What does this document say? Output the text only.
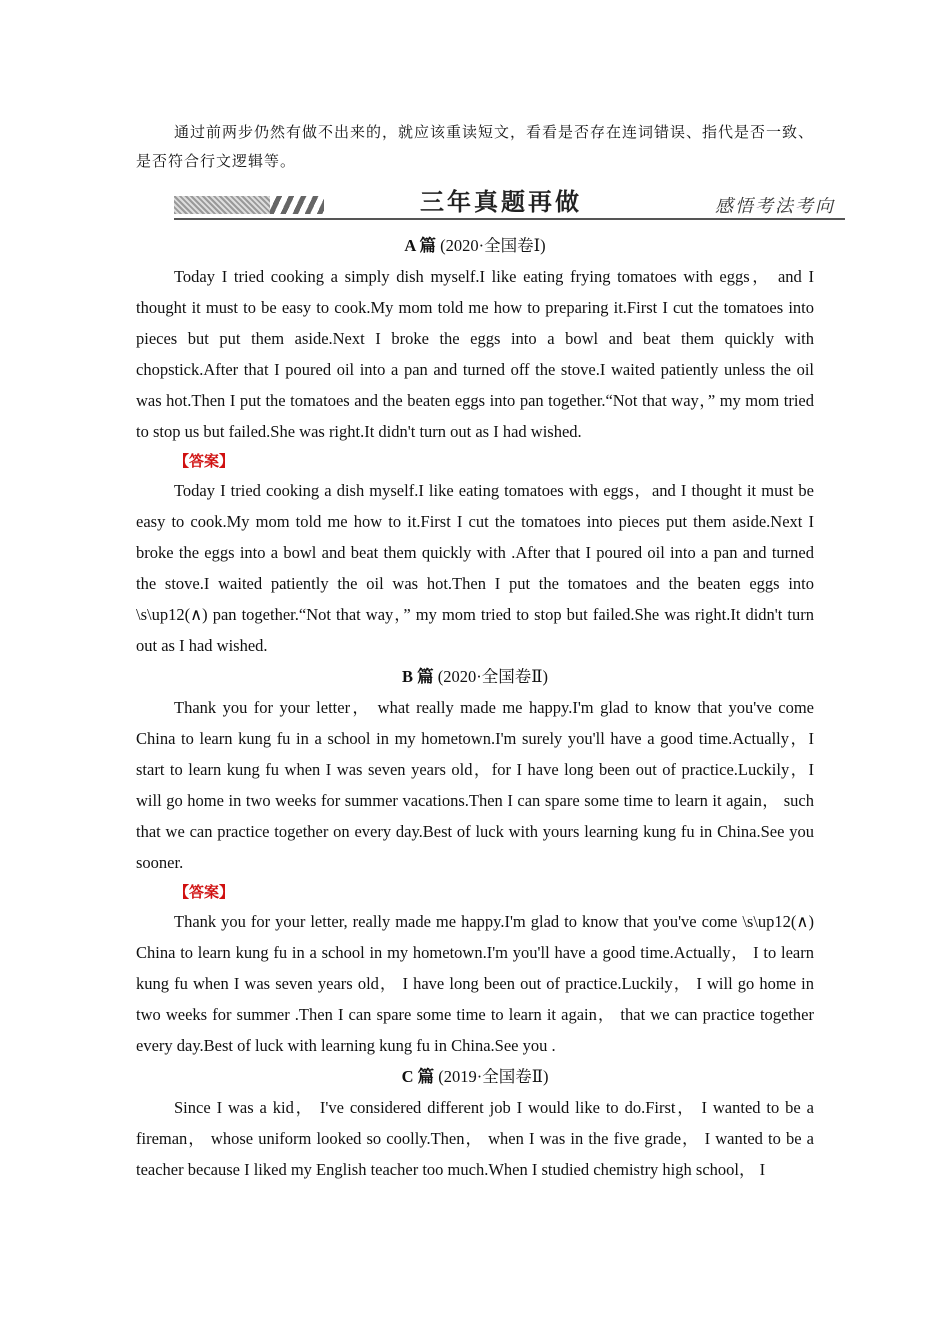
通过前两步仍然有做不出来的，就应该重读短文，看看是否存在连词错误、指代是否一致、是否符合行文逻辑等。

三年真题再做	感悟考法考向

A 篇 (2020·全国卷Ⅰ)

Today I tried cooking a simply dish myself.I like eating frying tomatoes with eggs， and I thought it must to be easy to cook.My mom told me how to preparing it.First I cut the tomatoes into pieces but put them aside.Next I broke the eggs into a bowl and beat them quickly with chopstick.After that I poured oil into a pan and turned off the stove.I waited patiently unless the oil was hot.Then I put the tomatoes and the beaten eggs into pan together.“Not that way，” my mom tried to stop us but failed.She was right.It didn't turn out as I had wished.

【答案】

Today I tried cooking a dish myself.I like eating tomatoes with eggs，and I thought it must be easy to cook.My mom told me how to it.First I cut the tomatoes into pieces put them aside.Next I broke the eggs into a bowl and beat them quickly with .After that I poured oil into a pan and turned the stove.I waited patiently the oil was hot.Then I put the tomatoes and the beaten eggs into \s\up12(∧) pan together.“Not that way，” my mom tried to stop but failed.She was right.It didn't turn out as I had wished.

B 篇 (2020·全国卷Ⅱ)

Thank you for your letter， what really made me happy.I'm glad to know that you've come China to learn kung fu in a school in my hometown.I'm surely you'll have a good time.Actually，I start to learn kung fu when I was seven years old，for I have long been out of practice.Luckily，I will go home in two weeks for summer vacations.Then I can spare some time to learn it again， such that we can practice together on every day.Best of luck with yours learning kung fu in China.See you sooner.

【答案】

Thank you for your letter, really made me happy.I'm glad to know that you've come \s\up12(∧) China to learn kung fu in a school in my hometown.I'm you'll have a good time.Actually， I to learn kung fu when I was seven years old， I have long been out of practice.Luckily， I will go home in two weeks for summer .Then I can spare some time to learn it again， that we can practice together every day.Best of luck with learning kung fu in China.See you .

C 篇 (2019·全国卷Ⅱ)

Since I was a kid， I've considered different job I would like to do.First， I wanted to be a fireman， whose uniform looked so coolly.Then， when I was in the five grade， I wanted to be a teacher because I liked my English teacher too much.When I studied chemistry high school， I
